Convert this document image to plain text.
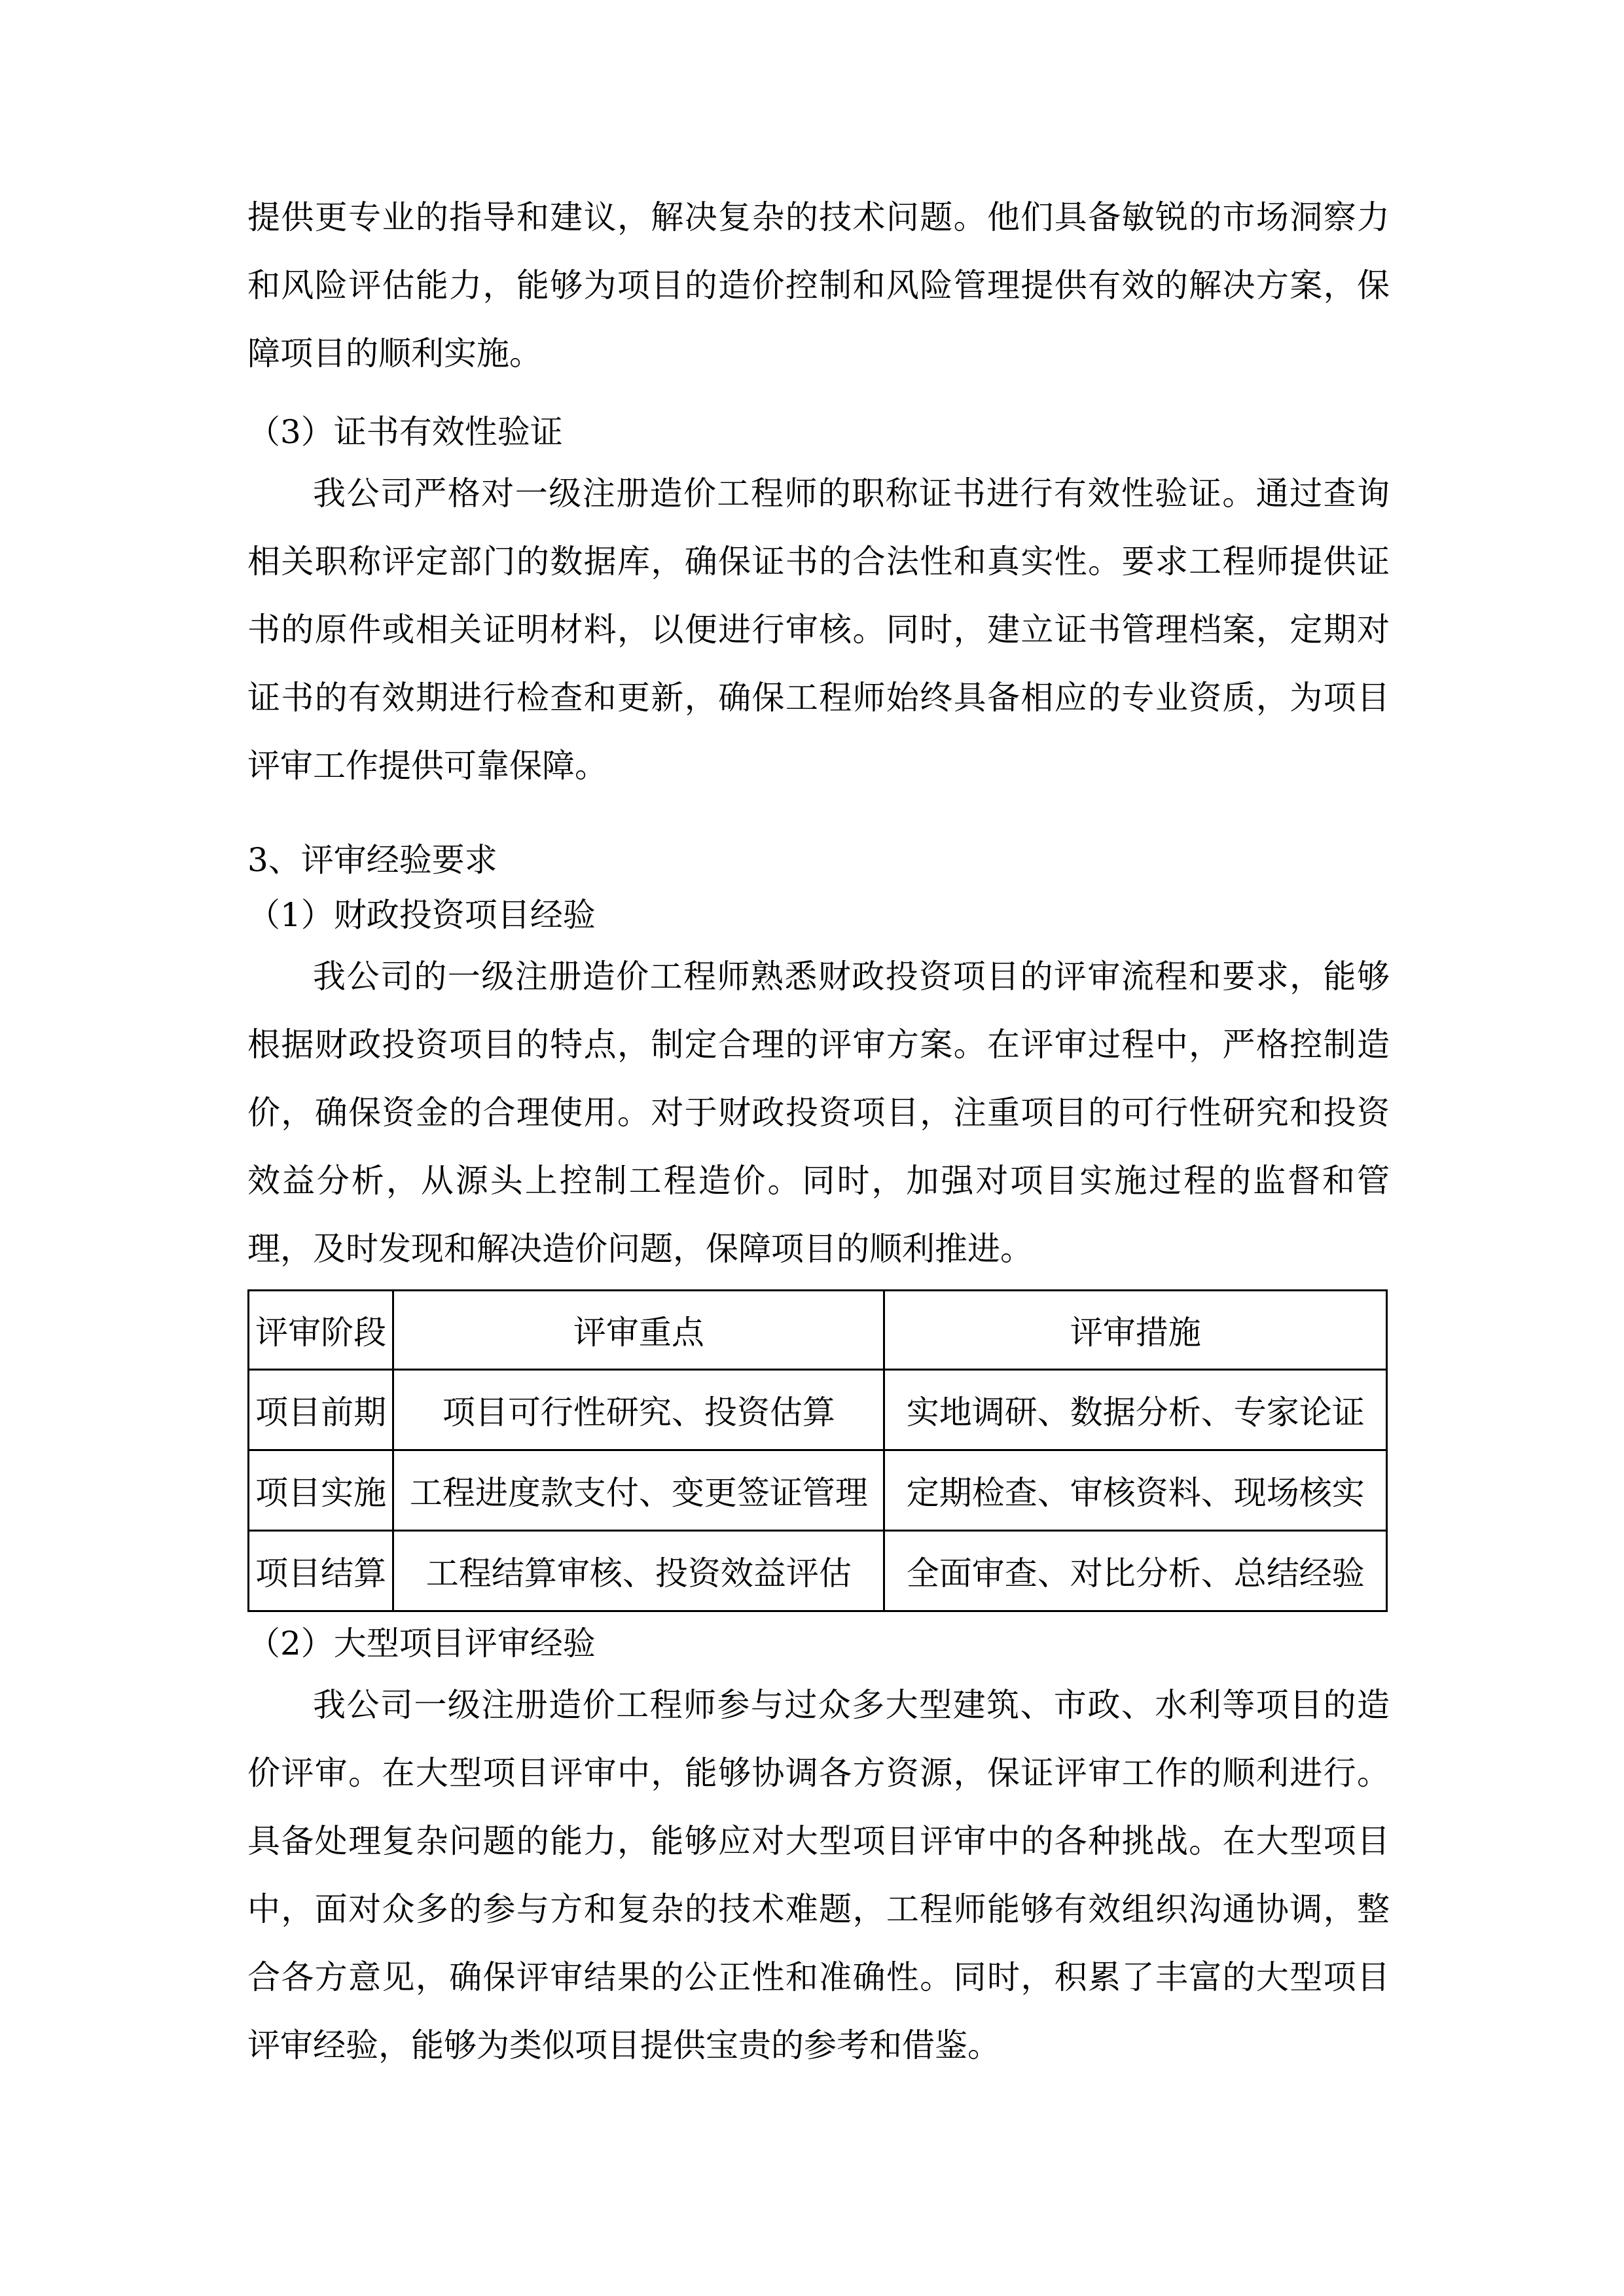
提供更专业的指导和建议，解决复杂的技术问题。他们具备敏锐的市场洞察力和风险评估能力，能够为项目的造价控制和风险管理提供有效的解决方案，保障项目的顺利实施。

（3）证书有效性验证

我公司严格对一级注册造价工程师的职称证书进行有效性验证。通过查询相关职称评定部门的数据库，确保证书的合法性和真实性。要求工程师提供证书的原件或相关证明材料，以便进行审核。同时，建立证书管理档案，定期对证书的有效期进行检查和更新，确保工程师始终具备相应的专业资质，为项目评审工作提供可靠保障。

3、评审经验要求

（1）财政投资项目经验

我公司的一级注册造价工程师熟悉财政投资项目的评审流程和要求，能够根据财政投资项目的特点，制定合理的评审方案。在评审过程中，严格控制造价，确保资金的合理使用。对于财政投资项目，注重项目的可行性研究和投资效益分析，从源头上控制工程造价。同时，加强对项目实施过程的监督和管理，及时发现和解决造价问题，保障项目的顺利推进。

评审阶段	评审重点	评审措施
项目前期	项目可行性研究、投资估算	实地调研、数据分析、专家论证
项目实施	工程进度款支付、变更签证管理	定期检查、审核资料、现场核实
项目结算	工程结算审核、投资效益评估	全面审查、对比分析、总结经验

（2）大型项目评审经验

我公司一级注册造价工程师参与过众多大型建筑、市政、水利等项目的造价评审。在大型项目评审中，能够协调各方资源，保证评审工作的顺利进行。具备处理复杂问题的能力，能够应对大型项目评审中的各种挑战。在大型项目中，面对众多的参与方和复杂的技术难题，工程师能够有效组织沟通协调，整合各方意见，确保评审结果的公正性和准确性。同时，积累了丰富的大型项目评审经验，能够为类似项目提供宝贵的参考和借鉴。
